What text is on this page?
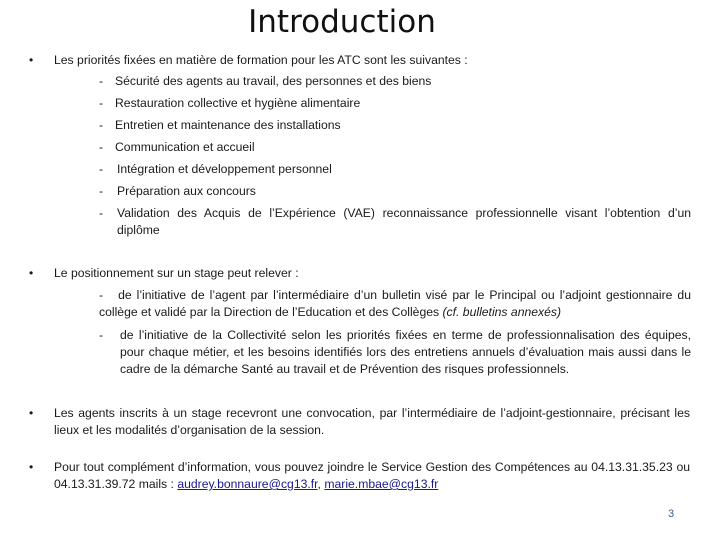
Introduction
• Les priorités fixées en matière de formation pour les ATC sont les suivantes :
- Sécurité des agents au travail, des personnes et des biens
- Restauration collective et hygiène alimentaire
- Entretien et maintenance des installations
- Communication et accueil
- Intégration et développement personnel
- Préparation aux concours
- Validation des Acquis de l’Expérience (VAE) reconnaissance professionnelle visant l’obtention d’un diplôme
• Le positionnement sur un stage peut relever :
- de l’initiative de l’agent par l’intermédiaire d’un bulletin visé par le Principal ou l’adjoint gestionnaire du collège et validé par la Direction de l’Education et des Collèges (cf. bulletins annexés)
- de l’initiative de la Collectivité selon les priorités fixées en terme de professionnalisation des équipes, pour chaque métier, et les besoins identifiés lors des entretiens annuels d’évaluation mais aussi dans le cadre de la démarche Santé au travail et de Prévention des risques professionnels.
• Les agents inscrits à un stage recevront une convocation, par l’intermédiaire de l’adjoint-gestionnaire, précisant les lieux et les modalités d’organisation de la session.
• Pour tout complément d’information, vous pouvez joindre le Service Gestion des Compétences au 04.13.31.35.23 ou 04.13.31.39.72 mails : audrey.bonnaure@cg13.fr, marie.mbae@cg13.fr
3
